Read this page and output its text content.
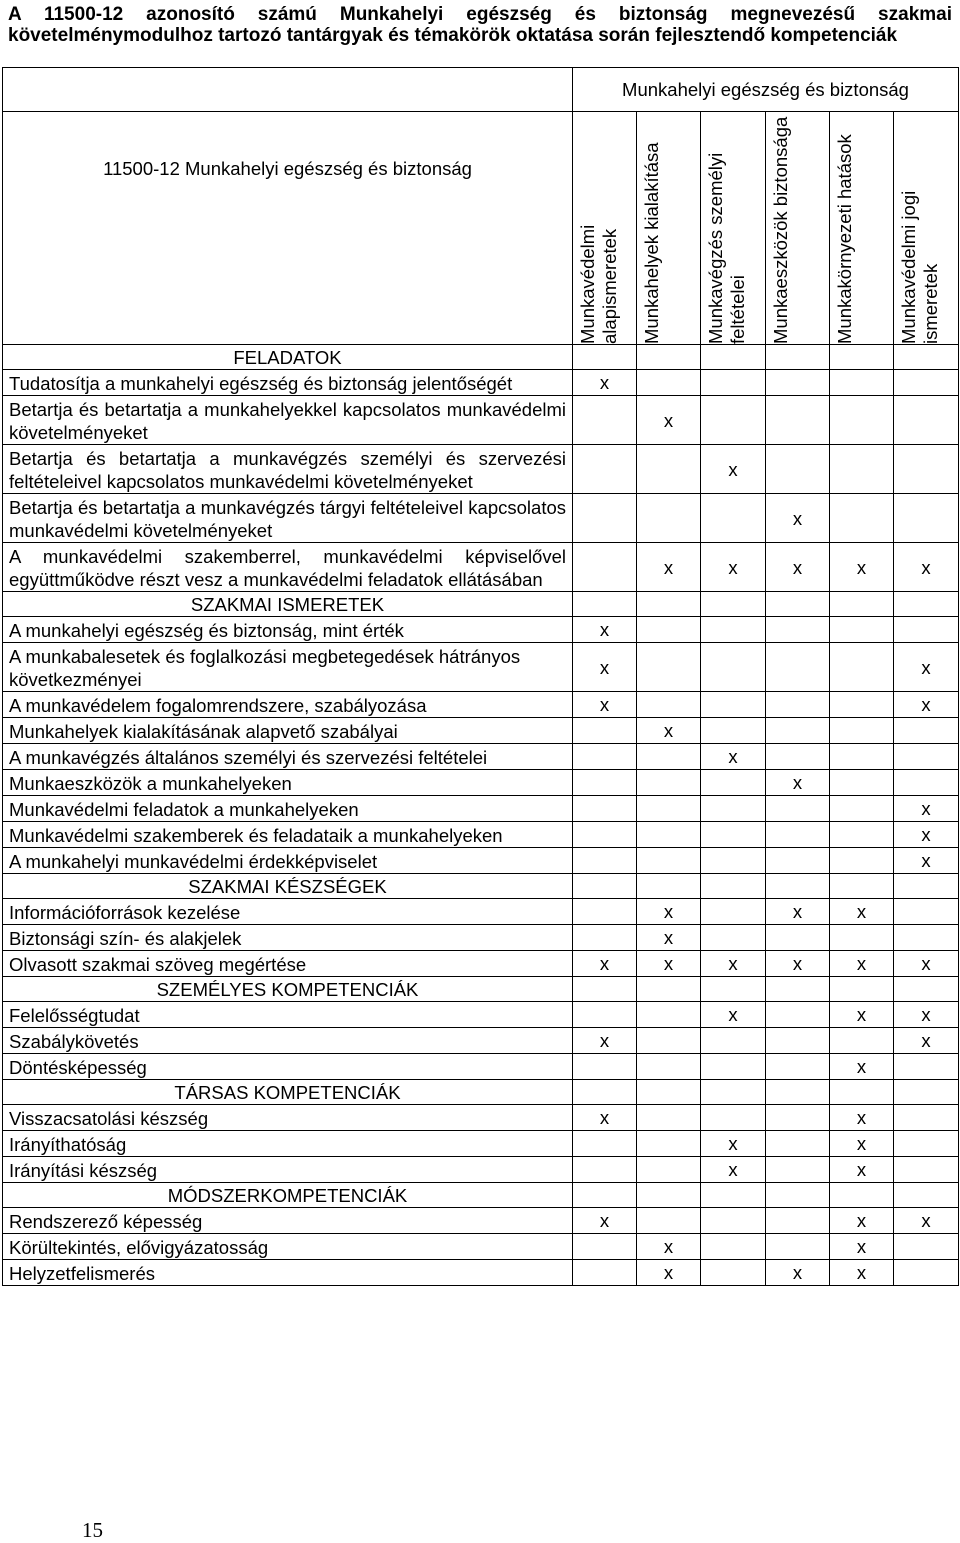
A 11500-12 azonosító számú Munkahelyi egészség és biztonság megnevezésű szakmai követelménymodulhoz tartozó tantárgyak és témakörök oktatása során fejlesztendő kompetenciák
	Munkahelyi egészség és biztonság					
11500-12 Munkahelyi egészség és biztonság	Munkavédelmi alapismeretek	Munkahelyek kialakítása	Munkavégzés személyi feltételei	Munkaeszközök biztonsága	Munkakörnyezeti hatások	Munkavédelmi jogi ismeretek

FELADATOK						
Tudatosítja a munkahelyi egészség és biztonság jelentőségét	x					
Betartja és betartatja a munkahelyekkel kapcsolatos munkavédelmi követelményeket		x				
Betartja és betartatja a munkavégzés személyi és szervezési feltételeivel kapcsolatos munkavédelmi követelményeket			x			
Betartja és betartatja a munkavégzés tárgyi feltételeivel kapcsolatos munkavédelmi követelményeket				x		
A munkavédelmi szakemberrel, munkavédelmi képviselővel együttműködve részt vesz a munkavédelmi feladatok ellátásában		x	x	x	x	x
SZAKMAI ISMERETEK						
A munkahelyi egészség és biztonság, mint érték	x					
A munkabalesetek és foglalkozási megbetegedések hátrányos következményei	x					x
A munkavédelem fogalomrendszere, szabályozása	x					x
Munkahelyek kialakításának alapvető szabályai		x				
A munkavégzés általános személyi és szervezési feltételei			x			
Munkaeszközök a munkahelyeken				x		
Munkavédelmi feladatok a munkahelyeken						x
Munkavédelmi szakemberek és feladataik a munkahelyeken						x
A munkahelyi munkavédelmi érdekképviselet						x
SZAKMAI KÉSZSÉGEK						
Információforrások kezelése		x		x	x	
Biztonsági szín- és alakjelek		x				
Olvasott szakmai szöveg megértése	x	x	x	x	x	x
SZEMÉLYES KOMPETENCIÁK						
Felelősségtudat			x		x	x
Szabálykövetés	x					x
Döntésképesség					x	
TÁRSAS KOMPETENCIÁK						
Visszacsatolási készség	x				x	
Irányíthatóság			x		x	
Irányítási készség			x		x	
MÓDSZERKOMPETENCIÁK						
Rendszerező képesség	x				x	x
Körültekintés, elővigyázatosság		x			x	
Helyzetfelismerés		x		x	x	
15
